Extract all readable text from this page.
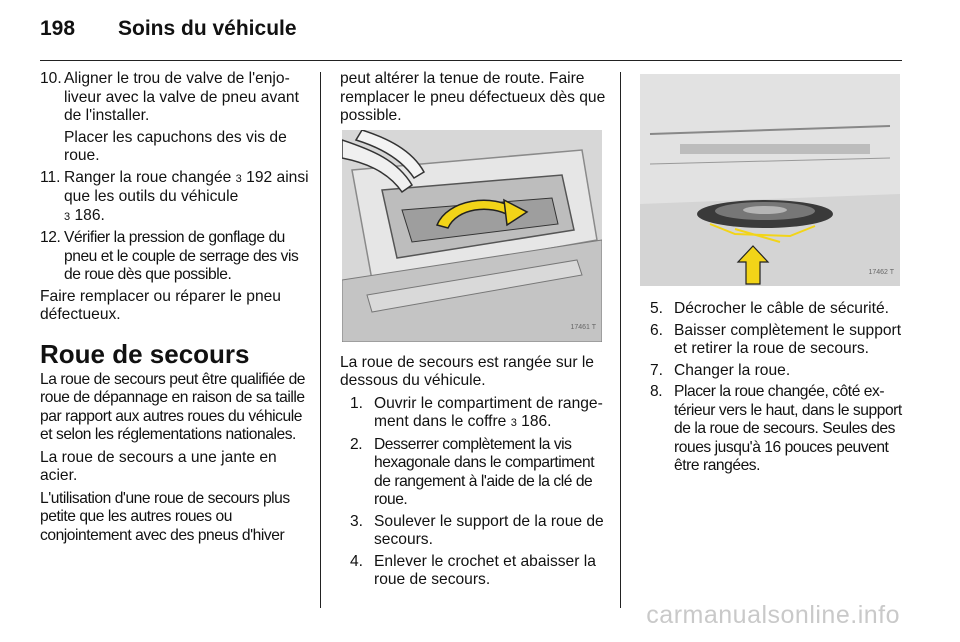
198 Soins du véhicule
10. Aligner le trou de valve de l'enjoliveur avec la valve de pneu avant de l'installer.
Placer les capuchons des vis de roue.
11. Ranger la roue changée 3 192 ainsi que les outils du véhicule
3 186.
12. Vérifier la pression de gonflage du pneu et le couple de serrage des vis de roue dès que possible.

Faire remplacer ou réparer le pneu défectueux.

Roue de secours

La roue de secours peut être qualifiée de roue de dépannage en raison de sa taille par rapport aux autres roues du véhicule et selon les réglementations nationales.

La roue de secours a une jante en acier.

L'utilisation d'une roue de secours plus petite que les autres roues ou conjointement avec des pneus d'hiver

peut altérer la tenue de route. Faire remplacer le pneu défectueux dès que possible.

17461 T

La roue de secours est rangée sur le dessous du véhicule.

1. Ouvrir le compartiment de rangement dans le coffre 3 186.
2. Desserrer complètement la vis hexagonale dans le compartiment de rangement à l'aide de la clé de roue.
3. Soulever le support de la roue de secours.
4. Enlever le crochet et abaisser la roue de secours.
17462 T
5. Décrocher le câble de sécurité.
6. Baisser complètement le support et retirer la roue de secours.
7. Changer la roue.
8. Placer la roue changée, côté extérieur vers le haut, dans le support de la roue de secours. Seules des roues jusqu'à 16 pouces peuvent être rangées.
carmanualsonline.info
